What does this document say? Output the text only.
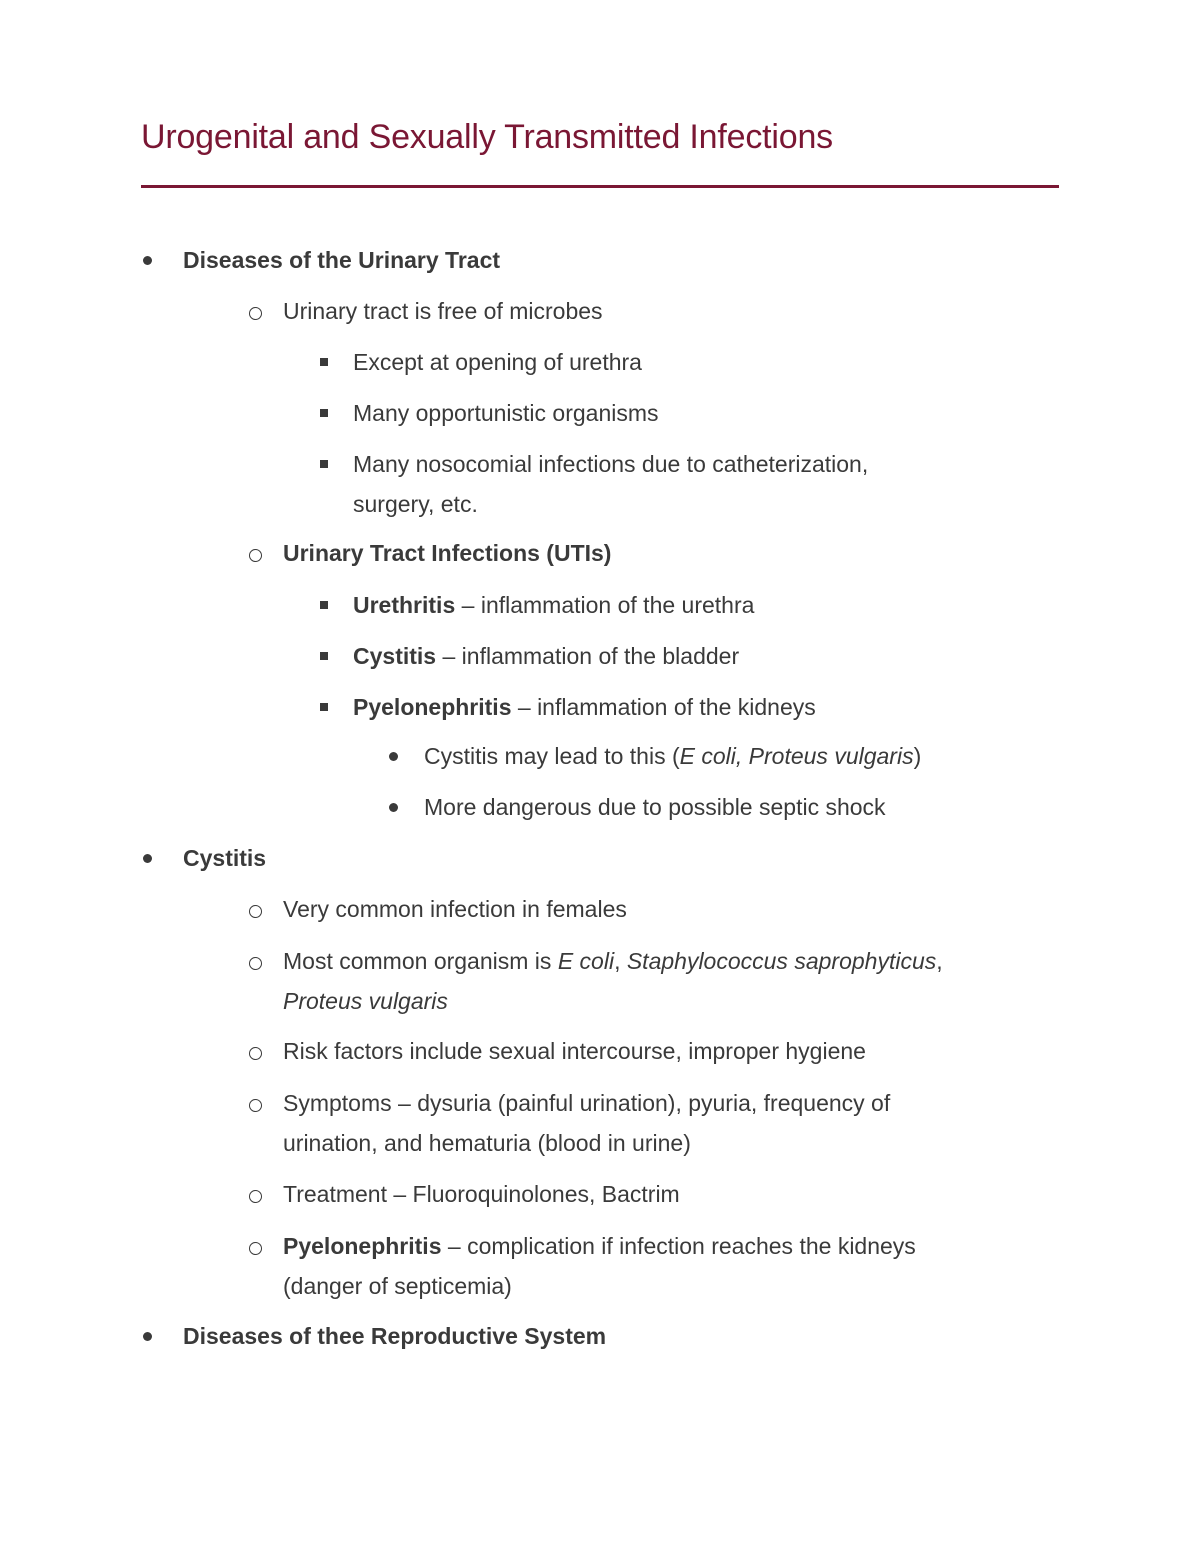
Urogenital and Sexually Transmitted Infections
Diseases of the Urinary Tract
Urinary tract is free of microbes
Except at opening of urethra
Many opportunistic organisms
Many nosocomial infections due to catheterization,
surgery, etc.
Urinary Tract Infections (UTIs)
Urethritis – inflammation of the urethra
Cystitis – inflammation of the bladder
Pyelonephritis – inflammation of the kidneys
Cystitis may lead to this (E coli, Proteus vulgaris)
More dangerous due to possible septic shock
Cystitis
Very common infection in females
Most common organism is E coli, Staphylococcus saprophyticus,
Proteus vulgaris
Risk factors include sexual intercourse, improper hygiene
Symptoms – dysuria (painful urination), pyuria, frequency of
urination, and hematuria (blood in urine)
Treatment – Fluoroquinolones, Bactrim
Pyelonephritis – complication if infection reaches the kidneys
(danger of septicemia)
Diseases of thee Reproductive System
